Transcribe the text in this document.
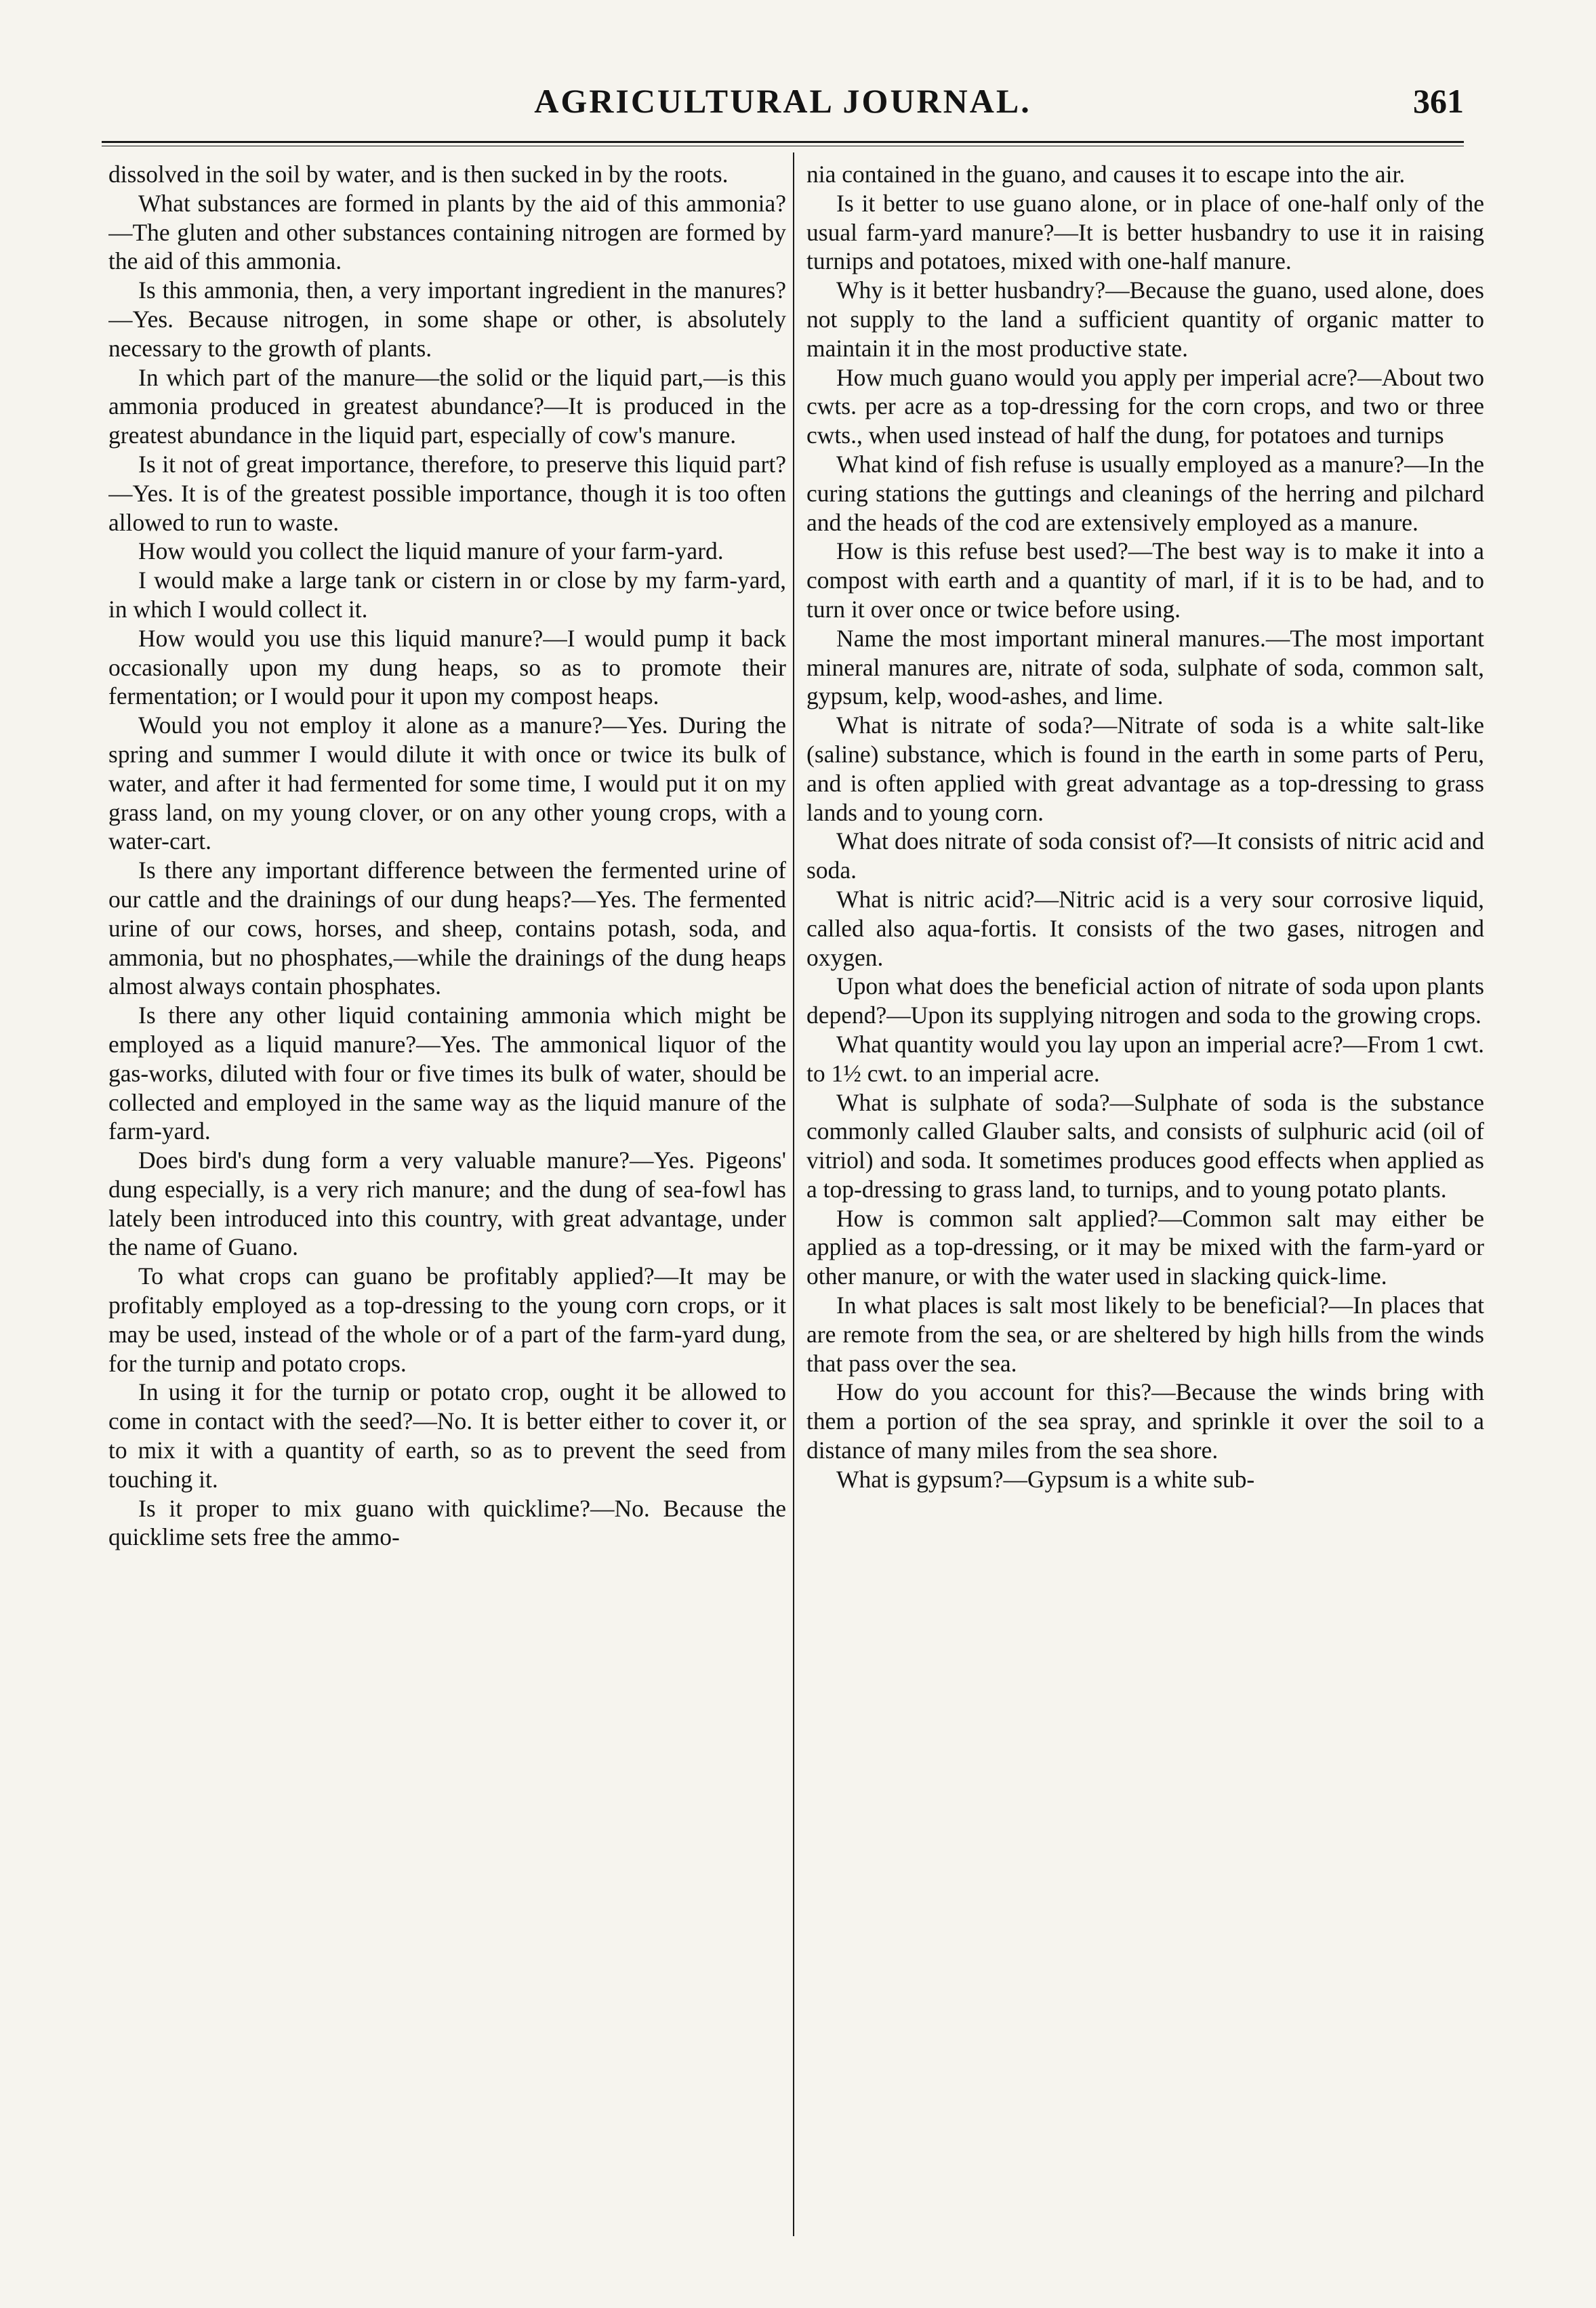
AGRICULTURAL JOURNAL.	361

dissolved in the soil by water, and is then sucked in by the roots.

What substances are formed in plants by the aid of this ammonia?—The gluten and other substances containing nitrogen are formed by the aid of this ammonia.

Is this ammonia, then, a very important ingredient in the manures?—Yes. Because nitrogen, in some shape or other, is absolutely necessary to the growth of plants.

In which part of the manure—the solid or the liquid part,—is this ammonia produced in greatest abundance?—It is produced in the greatest abundance in the liquid part, especially of cow's manure.

Is it not of great importance, therefore, to preserve this liquid part?—Yes. It is of the greatest possible importance, though it is too often allowed to run to waste.

How would you collect the liquid manure of your farm-yard.

I would make a large tank or cistern in or close by my farm-yard, in which I would collect it.

How would you use this liquid manure?—I would pump it back occasionally upon my dung heaps, so as to promote their fermentation; or I would pour it upon my compost heaps.

Would you not employ it alone as a manure?—Yes. During the spring and summer I would dilute it with once or twice its bulk of water, and after it had fermented for some time, I would put it on my grass land, on my young clover, or on any other young crops, with a water-cart.

Is there any important difference between the fermented urine of our cattle and the drainings of our dung heaps?—Yes. The fermented urine of our cows, horses, and sheep, contains potash, soda, and ammonia, but no phosphates,—while the drainings of the dung heaps almost always contain phosphates.

Is there any other liquid containing ammonia which might be employed as a liquid manure?—Yes. The ammonical liquor of the gas-works, diluted with four or five times its bulk of water, should be collected and employed in the same way as the liquid manure of the farm-yard.

Does bird's dung form a very valuable manure?—Yes. Pigeons' dung especially, is a very rich manure; and the dung of sea-fowl has lately been introduced into this country, with great advantage, under the name of Guano.

To what crops can guano be profitably applied?—It may be profitably employed as a top-dressing to the young corn crops, or it may be used, instead of the whole or of a part of the farm-yard dung, for the turnip and potato crops.

In using it for the turnip or potato crop, ought it be allowed to come in contact with the seed?—No. It is better either to cover it, or to mix it with a quantity of earth, so as to prevent the seed from touching it.

Is it proper to mix guano with quicklime?—No. Because the quicklime sets free the ammo-

nia contained in the guano, and causes it to escape into the air.

Is it better to use guano alone, or in place of one-half only of the usual farm-yard manure?—It is better husbandry to use it in raising turnips and potatoes, mixed with one-half manure.

Why is it better husbandry?—Because the guano, used alone, does not supply to the land a sufficient quantity of organic matter to maintain it in the most productive state.

How much guano would you apply per imperial acre?—About two cwts. per acre as a top-dressing for the corn crops, and two or three cwts., when used instead of half the dung, for potatoes and turnips

What kind of fish refuse is usually employed as a manure?—In the curing stations the guttings and cleanings of the herring and pilchard and the heads of the cod are extensively employed as a manure.

How is this refuse best used?—The best way is to make it into a compost with earth and a quantity of marl, if it is to be had, and to turn it over once or twice before using.

Name the most important mineral manures.—The most important mineral manures are, nitrate of soda, sulphate of soda, common salt, gypsum, kelp, wood-ashes, and lime.

What is nitrate of soda?—Nitrate of soda is a white salt-like (saline) substance, which is found in the earth in some parts of Peru, and is often applied with great advantage as a top-dressing to grass lands and to young corn.

What does nitrate of soda consist of?—It consists of nitric acid and soda.

What is nitric acid?—Nitric acid is a very sour corrosive liquid, called also aqua-fortis. It consists of the two gases, nitrogen and oxygen.

Upon what does the beneficial action of nitrate of soda upon plants depend?—Upon its supplying nitrogen and soda to the growing crops.

What quantity would you lay upon an imperial acre?—From 1 cwt. to 1½ cwt. to an imperial acre.

What is sulphate of soda?—Sulphate of soda is the substance commonly called Glauber salts, and consists of sulphuric acid (oil of vitriol) and soda. It sometimes produces good effects when applied as a top-dressing to grass land, to turnips, and to young potato plants.

How is common salt applied?—Common salt may either be applied as a top-dressing, or it may be mixed with the farm-yard or other manure, or with the water used in slacking quick-lime.

In what places is salt most likely to be beneficial?—In places that are remote from the sea, or are sheltered by high hills from the winds that pass over the sea.

How do you account for this?—Because the winds bring with them a portion of the sea spray, and sprinkle it over the soil to a distance of many miles from the sea shore.

What is gypsum?—Gypsum is a white sub-
